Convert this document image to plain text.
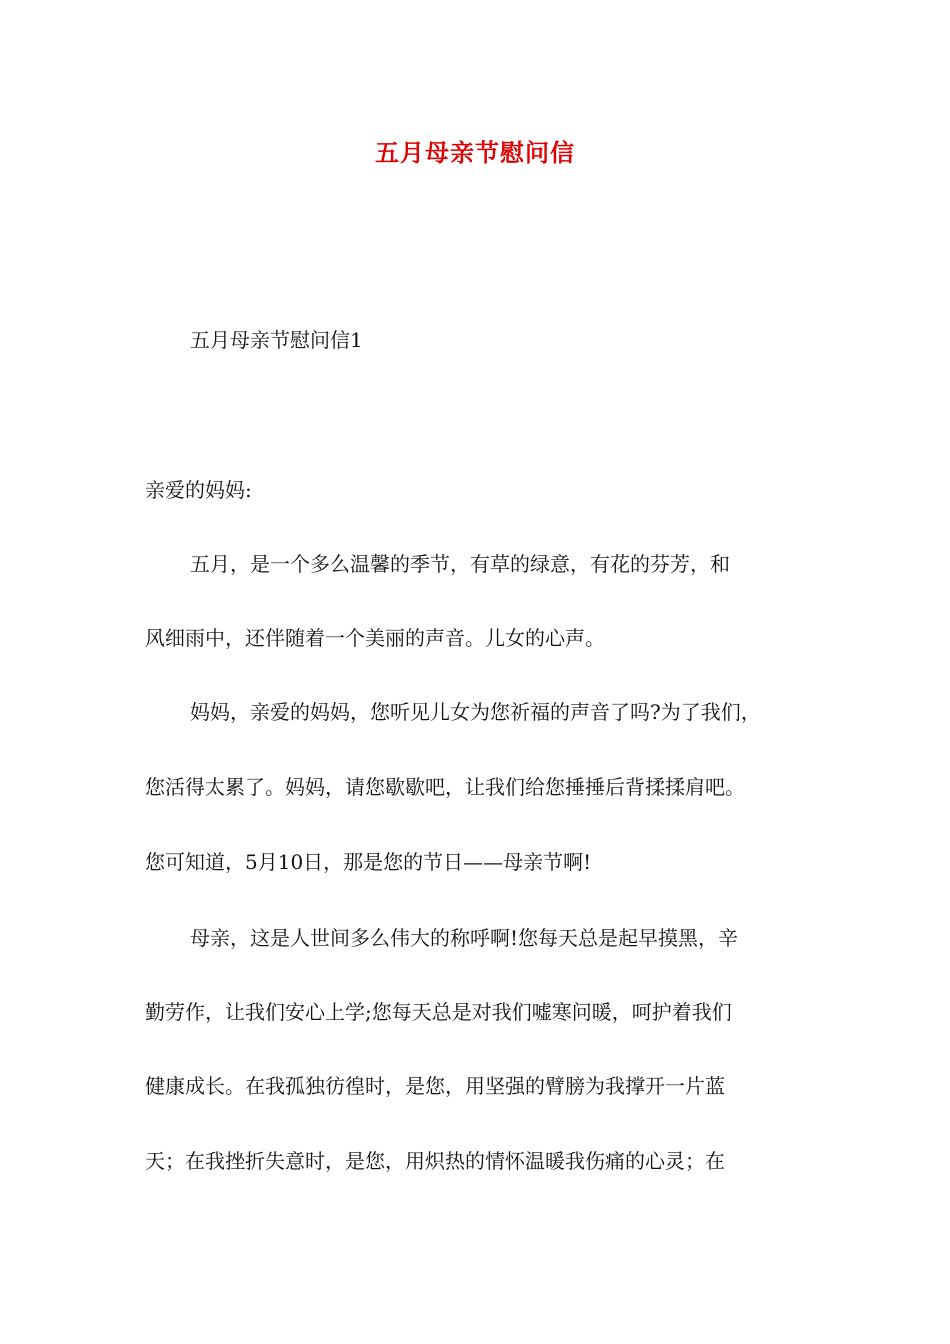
五月母亲节慰问信
五月母亲节慰问信1
亲爱的妈妈:
五月，是一个多么温馨的季节，有草的绿意，有花的芬芳，和
风细雨中，还伴随着一个美丽的声音。儿女的心声。
妈妈，亲爱的妈妈，您听见儿女为您祈福的声音了吗?为了我们，
您活得太累了。妈妈，请您歇歇吧，让我们给您捶捶后背揉揉肩吧。
您可知道，5月10日，那是您的节日——母亲节啊!
母亲，这是人世间多么伟大的称呼啊!您每天总是起早摸黑，辛
勤劳作，让我们安心上学;您每天总是对我们嘘寒问暖，呵护着我们
健康成长。在我孤独彷徨时，是您，用坚强的臂膀为我撑开一片蓝
天；在我挫折失意时，是您，用炽热的情怀温暖我伤痛的心灵；在
